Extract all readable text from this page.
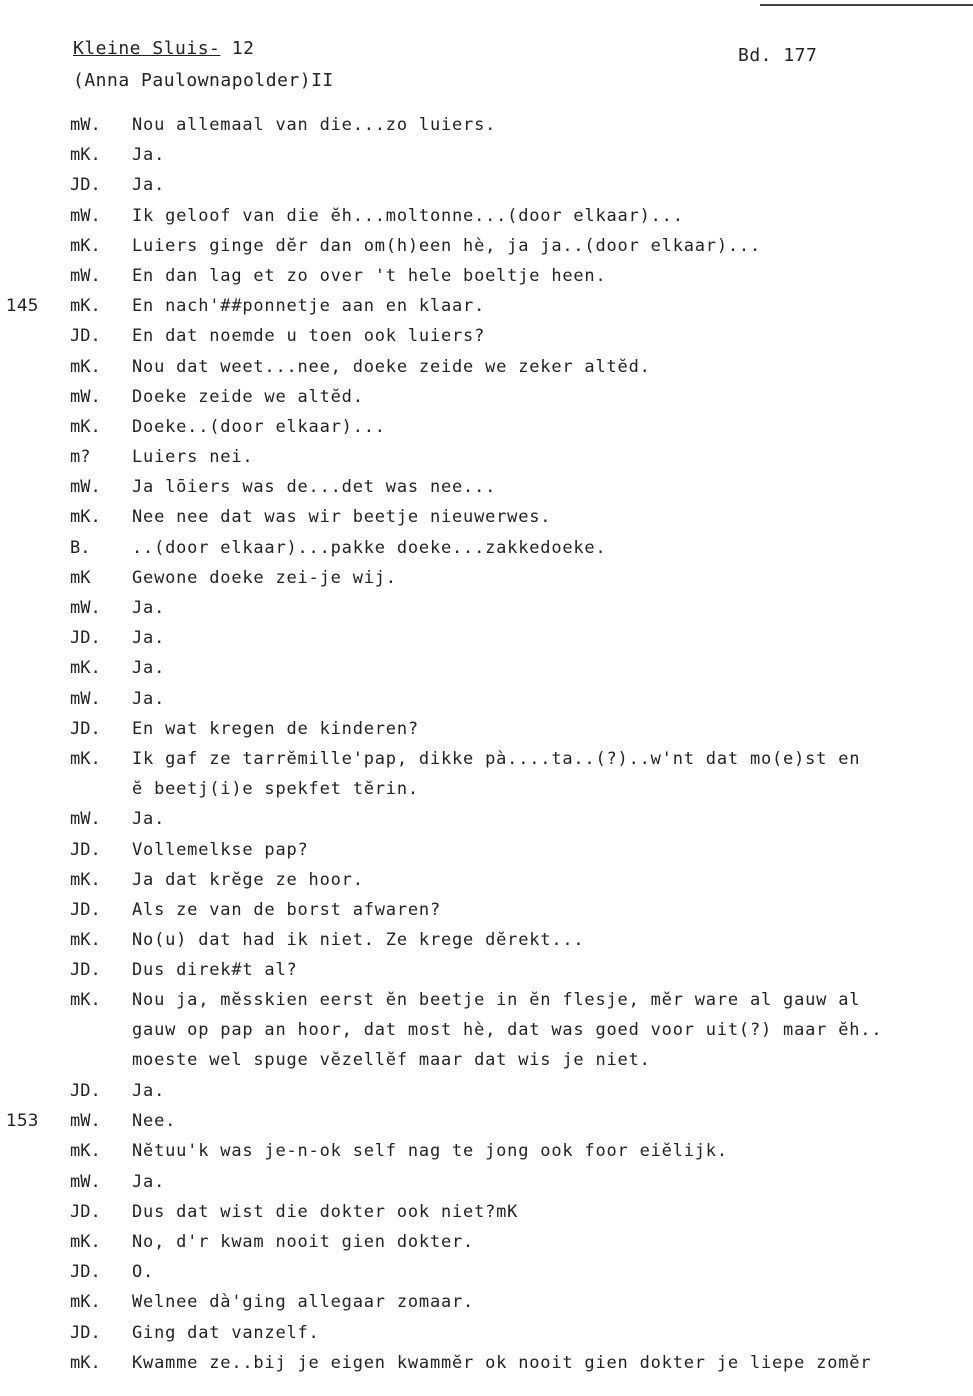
Kleine Sluis- 12
(Anna Paulownapolder)II
Bd. 177
mW.	Nou allemaal van die...zo luiers.
mK.	Ja.
JD.	Ja.
mW.	Ik geloof van die ĕh...moltonne...(door elkaar)...
mK.	Luiers ginge dĕr dan om(h)een hè, ja ja..(door elkaar)...
mW.	En dan lag et zo over 't hele boeltje heen.
145 mK.	En nach'##ponnetje aan en klaar.
JD.	En dat noemde u toen ook luiers?
mK.	Nou dat weet...nee, doeke zeide we zeker altĕd.
mW.	Doeke zeide we altĕd.
mK.	Doeke..(door elkaar)...
m?	Luiers nei.
mW.	Ja lōiers was de...det was nee...
mK.	Nee nee dat was wir beetje nieuwerwes.
B.	..(door elkaar)...pakke doeke...zakkedoeke.
mK	Gewone doeke zei-je wij.
mW.	Ja.
JD.	Ja.
mK.	Ja.
mW.	Ja.
JD.	En wat kregen de kinderen?
mK.	Ik gaf ze tarrĕmille'pap, dikke pà....ta..(?)..w'nt dat mo(e)st en
ĕ beetj(i)e spekfet tĕrin.
mW.	Ja.
JD.	Vollemelkse pap?
mK.	Ja dat krĕge ze hoor.
JD.	Als ze van de borst afwaren?
mK.	No(u) dat had ik niet. Ze krege dĕrekt...
JD.	Dus direk#t al?
mK.	Nou ja, mĕsskien eerst ĕn beetje in ĕn flesje, mĕr ware al gauw al
gauw op pap an hoor, dat most hè, dat was goed voor uit(?) maar ĕh..
moeste wel spuge vĕzellĕf maar dat wis je niet.
JD.	Ja.
153 mW.	Nee.
mK.	Nĕtuu'k was je-n-ok self nag te jong ook foor eiĕlijk.
mW.	Ja.
JD.	Dus dat wist die dokter ook niet?mK
mK.	No, d'r kwam nooit gien dokter.
JD.	O.
mK.	Welnee dà'ging allegaar zomaar.
JD.	Ging dat vanzelf.
mK.	Kwamme ze..bij je eigen kwammĕr ok nooit gien dokter je liepe zomĕr
